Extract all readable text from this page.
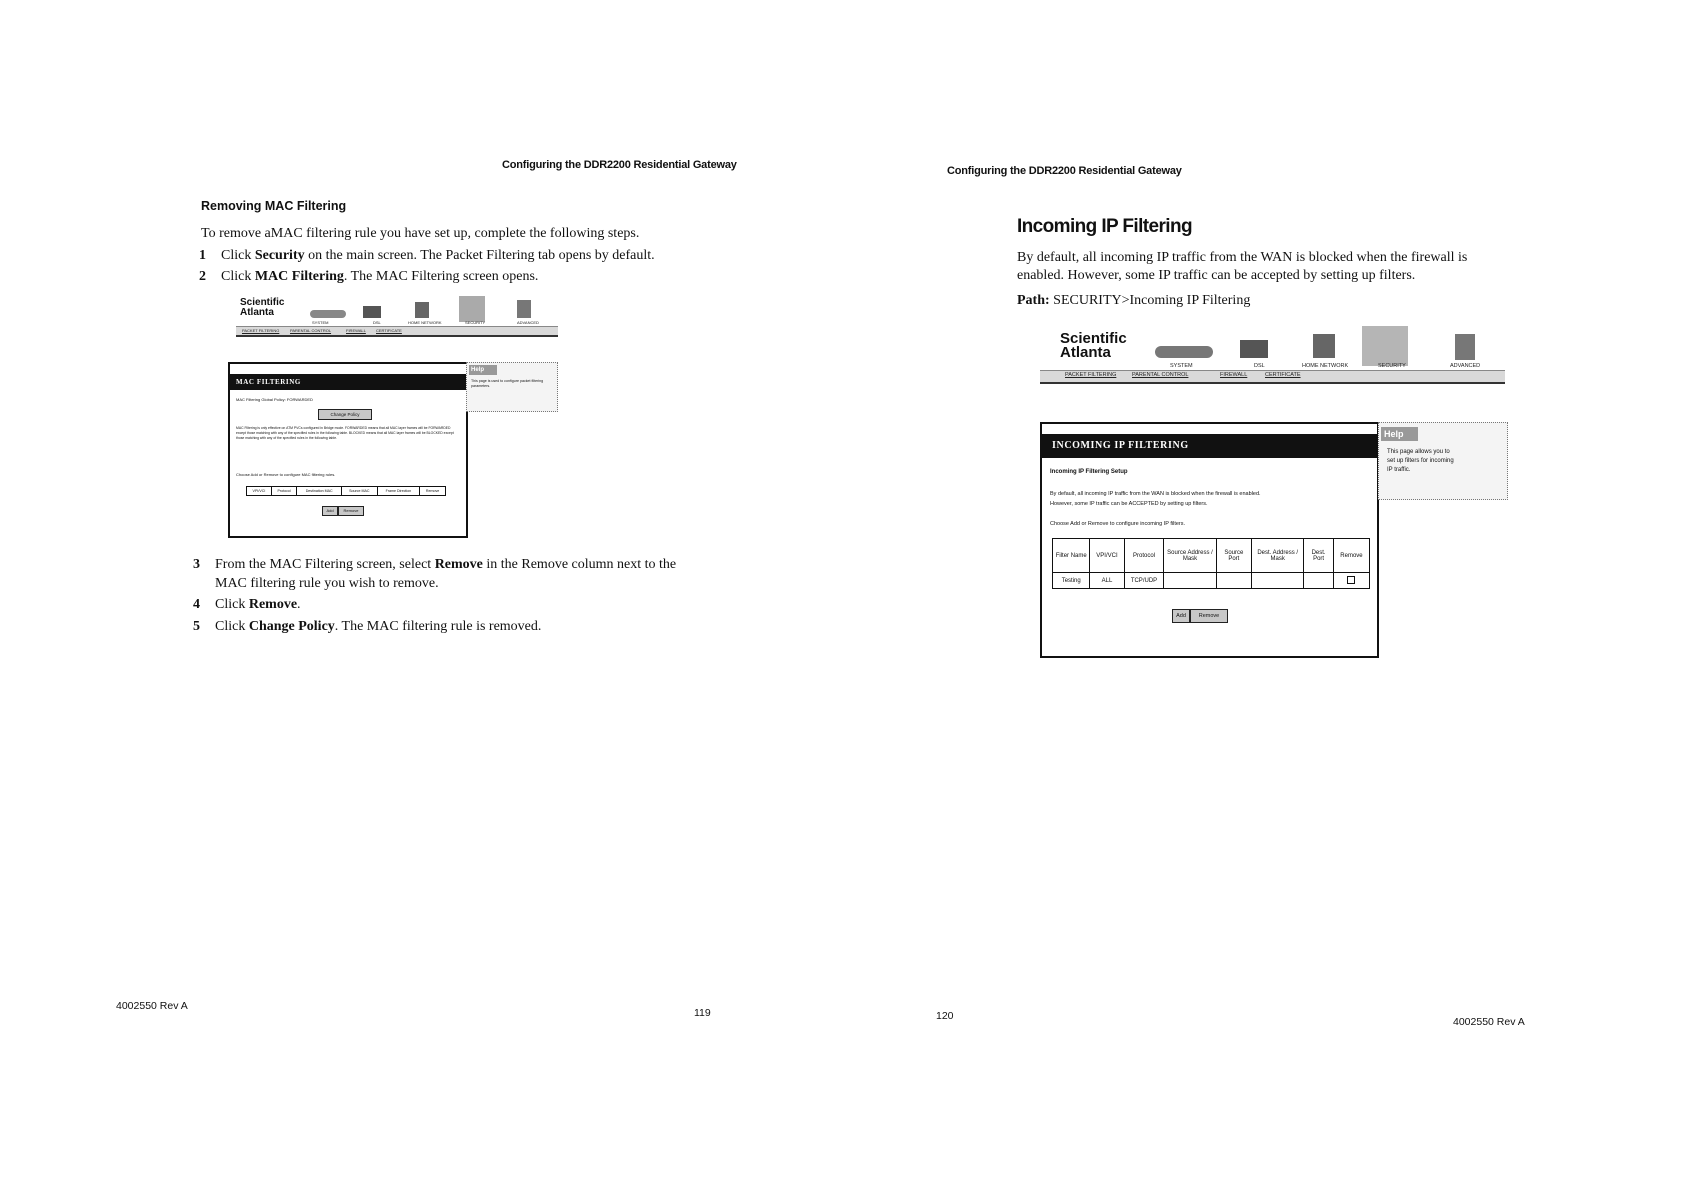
Configuring the DDR2200 Residential Gateway
Removing MAC Filtering
To remove aMAC filtering rule you have set up, complete the following steps.
1 Click Security on the main screen. The Packet Filtering tab opens by default.
2 Click MAC Filtering. The MAC Filtering screen opens.
Scientific
Atlanta
SYSTEM	DSL	HOME NETWORK	SECURITY	ADVANCED
PACKET FILTERING	PARENTAL CONTROL	FIREWALL	CERTIFICATE
MAC FILTERING
MAC Filtering Global Policy: FORWARDED
Change Policy
MAC Filtering is only effective on ATM PVCs configured in Bridge mode. FORWARDED means that all MAC layer frames will be FORWARDED except those matching with any of the specified rules in the following table. BLOCKED means that all MAC layer frames will be BLOCKED except those matching with any of the specified rules in the following table.
Choose Add or Remove to configure MAC filtering rules.
VPI/VCI	Protocol	Destination MAC	Source MAC	Frame Direction	Remove
Add	Remove
Help
This page is used to configure packet filtering parameters.
3 From the MAC Filtering screen, select Remove in the Remove column next to the
MAC filtering rule you wish to remove.
4 Click Remove.
5 Click Change Policy. The MAC filtering rule is removed.
4002550 Rev A
119
Configuring the DDR2200 Residential Gateway
Incoming IP Filtering
By default, all incoming IP traffic from the WAN is blocked when the firewall is
enabled. However, some IP traffic can be accepted by setting up filters.
Path: SECURITY>Incoming IP Filtering
Scientific
Atlanta
SYSTEM	DSL	HOME NETWORK	SECURITY	ADVANCED
PACKET FILTERING	PARENTAL CONTROL	FIREWALL	CERTIFICATE
INCOMING IP FILTERING
Incoming IP Filtering Setup
By default, all incoming IP traffic from the WAN is blocked when the firewall is enabled.
However, some IP traffic can be ACCEPTED by setting up filters.
Choose Add or Remove to configure incoming IP filters.
Filter Name	VPI/VCI	Protocol	Source Address / Mask	Source Port	Dest. Address / Mask	Dest. Port	Remove
Testing	ALL	TCP/UDP					
Add	Remove
Help
This page allows you to
set up filters for incoming
IP traffic.
120	4002550 Rev A
